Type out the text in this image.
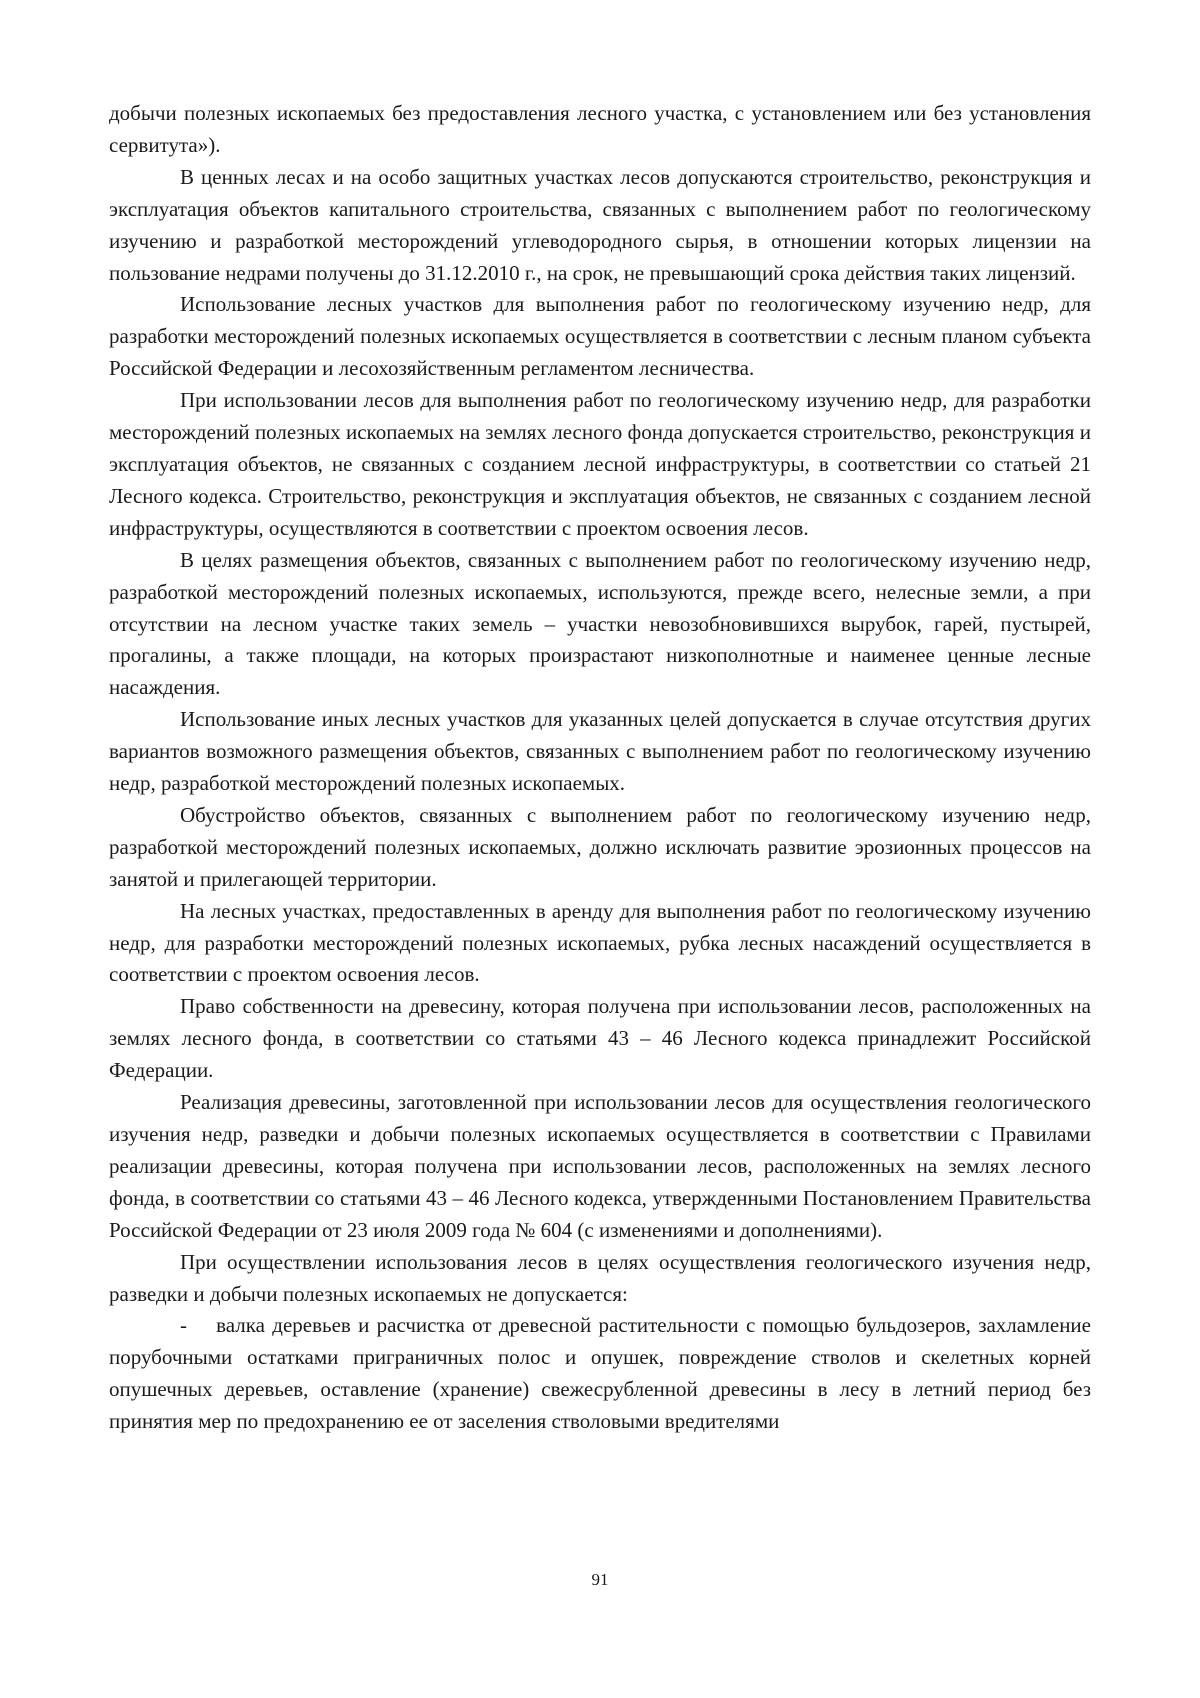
добычи полезных ископаемых без предоставления лесного участка, с установлением или без установления сервитута»).

В ценных лесах и на особо защитных участках лесов допускаются строительство, реконструкция и эксплуатация объектов капитального строительства, связанных с выполнением работ по геологическому изучению и разработкой месторождений углеводородного сырья, в отношении которых лицензии на пользование недрами получены до 31.12.2010 г., на срок, не превышающий срока действия таких лицензий.

Использование лесных участков для выполнения работ по геологическому изучению недр, для разработки месторождений полезных ископаемых осуществляется в соответствии с лесным планом субъекта Российской Федерации и лесохозяйственным регламентом лесничества.

При использовании лесов для выполнения работ по геологическому изучению недр, для разработки месторождений полезных ископаемых на землях лесного фонда допускается строительство, реконструкция и эксплуатация объектов, не связанных с созданием лесной инфраструктуры, в соответствии со статьей 21 Лесного кодекса. Строительство, реконструкция и эксплуатация объектов, не связанных с созданием лесной инфраструктуры, осуществляются в соответствии с проектом освоения лесов.

В целях размещения объектов, связанных с выполнением работ по геологическому изучению недр, разработкой месторождений полезных ископаемых, используются, прежде всего, нелесные земли, а при отсутствии на лесном участке таких земель – участки невозобновившихся вырубок, гарей, пустырей, прогалины, а также площади, на которых произрастают низкополнотные и наименее ценные лесные насаждения.

Использование иных лесных участков для указанных целей допускается в случае отсутствия других вариантов возможного размещения объектов, связанных с выполнением работ по геологическому изучению недр, разработкой месторождений полезных ископаемых.

Обустройство объектов, связанных с выполнением работ по геологическому изучению недр, разработкой месторождений полезных ископаемых, должно исключать развитие эрозионных процессов на занятой и прилегающей территории.

На лесных участках, предоставленных в аренду для выполнения работ по геологическому изучению недр, для разработки месторождений полезных ископаемых, рубка лесных насаждений осуществляется в соответствии с проектом освоения лесов.

Право собственности на древесину, которая получена при использовании лесов, расположенных на землях лесного фонда, в соответствии со статьями 43 – 46 Лесного кодекса принадлежит Российской Федерации.

Реализация древесины, заготовленной при использовании лесов для осуществления геологического изучения недр, разведки и добычи полезных ископаемых осуществляется в соответствии с Правилами реализации древесины, которая получена при использовании лесов, расположенных на землях лесного фонда, в соответствии со статьями 43 – 46 Лесного кодекса, утвержденными Постановлением Правительства Российской Федерации от 23 июля 2009 года № 604 (с изменениями и дополнениями).

При осуществлении использования лесов в целях осуществления геологического изучения недр, разведки и добычи полезных ископаемых не допускается:

-    валка деревьев и расчистка от древесной растительности с помощью бульдозеров, захламление порубочными остатками приграничных полос и опушек, повреждение стволов и скелетных корней опушечных деревьев, оставление (хранение) свежесрубленной древесины в лесу в летний период без принятия мер по предохранению ее от заселения стволовыми вредителями

91
